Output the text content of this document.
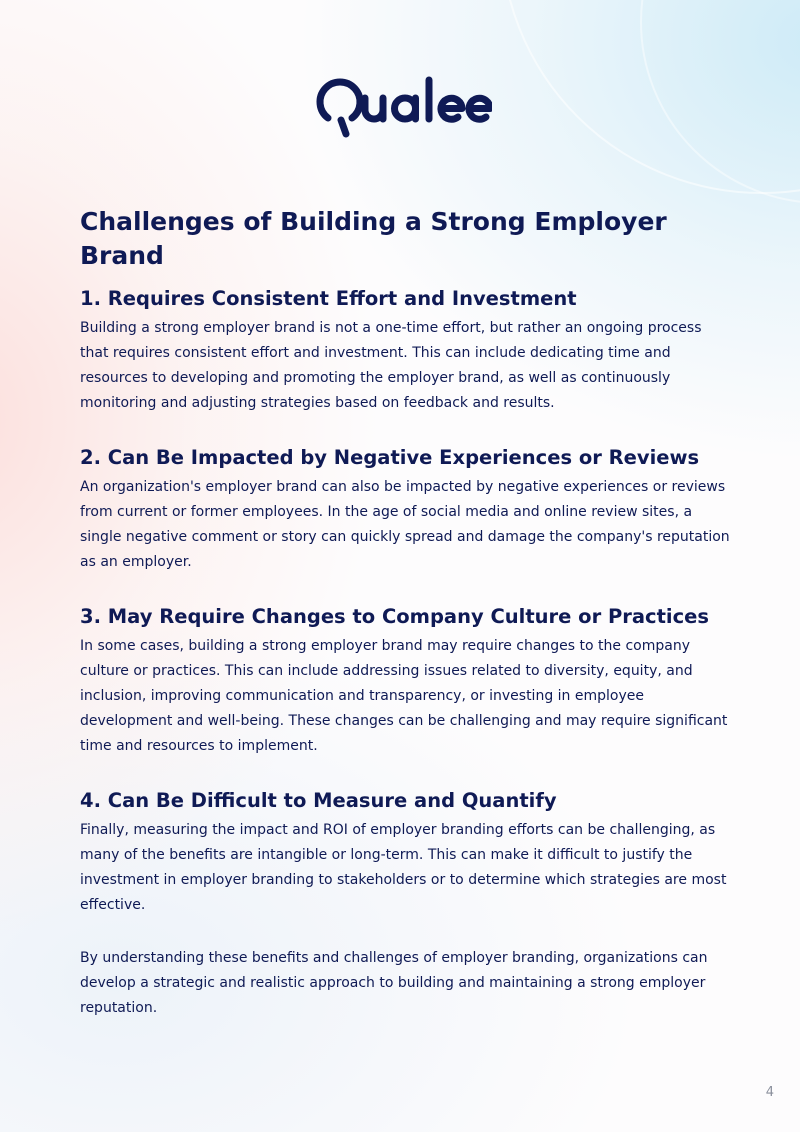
Challenges of Building a Strong Employer Brand
1. Requires Consistent Effort and Investment

Building a strong employer brand is not a one-time effort, but rather an ongoing process that requires consistent effort and investment. This can include dedicating time and resources to developing and promoting the employer brand, as well as continuously monitoring and adjusting strategies based on feedback and results.

2. Can Be Impacted by Negative Experiences or Reviews

An organization's employer brand can also be impacted by negative experiences or reviews from current or former employees. In the age of social media and online review sites, a single negative comment or story can quickly spread and damage the company's reputation as an employer.

3. May Require Changes to Company Culture or Practices

In some cases, building a strong employer brand may require changes to the company culture or practices. This can include addressing issues related to diversity, equity, and inclusion, improving communication and transparency, or investing in employee development and well-being. These changes can be challenging and may require significant time and resources to implement.

4. Can Be Difficult to Measure and Quantify

Finally, measuring the impact and ROI of employer branding efforts can be challenging, as many of the benefits are intangible or long-term. This can make it difficult to justify the investment in employer branding to stakeholders or to determine which strategies are most effective.

By understanding these benefits and challenges of employer branding, organizations can develop a strategic and realistic approach to building and maintaining a strong employer reputation.

4
